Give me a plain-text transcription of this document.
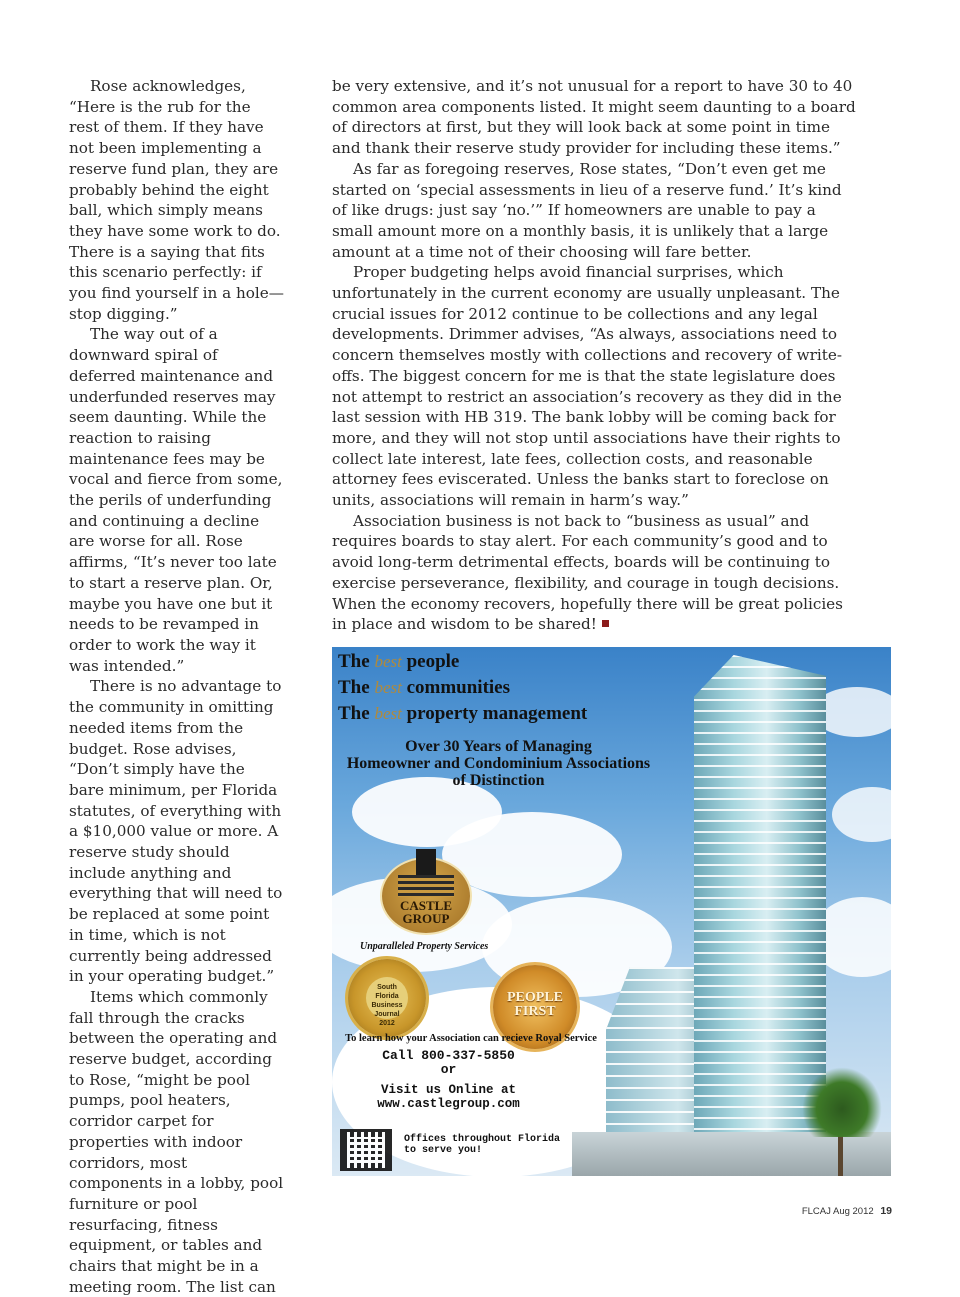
Rose acknowledges, “Here is the rub for the rest of them. If they have not been implementing a reserve fund plan, they are probably behind the eight ball, which simply means they have some work to do. There is a saying that fits this scenario perfectly: if you find yourself in a hole—stop digging.”

The way out of a downward spiral of deferred maintenance and underfunded reserves may seem daunting. While the reaction to raising maintenance fees may be vocal and fierce from some, the perils of underfunding and continuing a decline are worse for all. Rose affirms, “It’s never too late to start a reserve plan. Or, maybe you have one but it needs to be revamped in order to work the way it was intended.”

There is no advantage to the community in omitting needed items from the budget. Rose advises, “Don’t simply have the bare minimum, per Florida statutes, of everything with a $10,000 value or more. A reserve study should include anything and everything that will need to be replaced at some point in time, which is not currently being addressed in your operating budget.”

Items which commonly fall through the cracks between the operating and reserve budget, according to Rose, “might be pool pumps, pool heaters, corridor carpet for properties with indoor corridors, most components in a lobby, pool furniture or pool resurfacing, fitness equipment, or tables and chairs that might be in a meeting room. The list can

be very extensive, and it’s not unusual for a report to have 30 to 40 common area components listed. It might seem daunting to a board of directors at first, but they will look back at some point in time and thank their reserve study provider for including these items.”

As far as foregoing reserves, Rose states, “Don’t even get me started on ‘special assessments in lieu of a reserve fund.’ It’s kind of like drugs: just say ‘no.’” If homeowners are unable to pay a small amount more on a monthly basis, it is unlikely that a large amount at a time not of their choosing will fare better.

Proper budgeting helps avoid financial surprises, which unfortunately in the current economy are usually unpleasant. The crucial issues for 2012 continue to be collections and any legal developments. Drimmer advises, “As always, associations need to concern themselves mostly with collections and recovery of write-offs. The biggest concern for me is that the state legislature does not attempt to restrict an association’s recovery as they did in the last session with HB 319. The bank lobby will be coming back for more, and they will not stop until associations have their rights to collect late interest, late fees, collection costs, and reasonable attorney fees eviscerated. Unless the banks start to foreclose on units, associations will remain in harm’s way.”

Association business is not back to “business as usual” and requires boards to stay alert. For each community’s good and to avoid long-term detrimental effects, boards will be continuing to exercise perseverance, flexibility, and courage in tough decisions. When the economy recovers, hopefully there will be great policies in place and wisdom to be shared!

The best people
The best communities
The best property management
Over 30 Years of Managing
Homeowner and Condominium Associations
of Distinction
CASTLE
GROUP
Unparalleled Property Services
South Florida Business Journal 2012
PEOPLE
FIRST
To learn how your Association can recieve Royal Service
Call 800-337-5850
or
Visit us Online at
www.castlegroup.com
Offices throughout Florida
to serve you!
FLCAJ Aug 2012 19
